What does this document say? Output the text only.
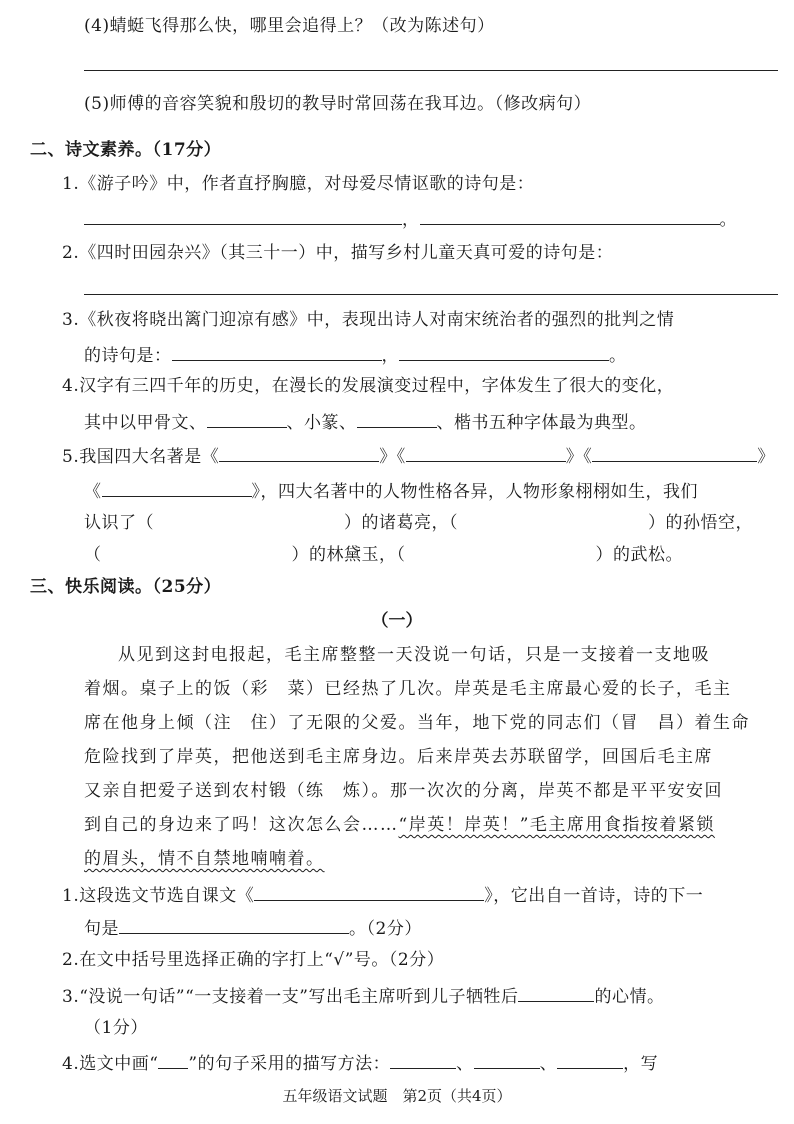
(4)蜻蜓飞得那么快，哪里会追得上？（改为陈述句）
(5)师傅的音容笑貌和殷切的教导时常回荡在我耳边。（修改病句）
二、诗文素养。（17分）
1.《游子吟》中，作者直抒胸臆，对母爱尽情讴歌的诗句是：
，	。
2.《四时田园杂兴》（其三十一）中，描写乡村儿童天真可爱的诗句是：
3.《秋夜将晓出篱门迎凉有感》中，表现出诗人对南宋统治者的强烈的批判之情
的诗句是：	，	。
4.汉字有三四千年的历史，在漫长的发展演变过程中，字体发生了很大的变化，
其中以甲骨文、	、小篆、	、楷书五种字体最为典型。
5.我国四大名著是《	》《	》《	》
《	》，四大名著中的人物性格各异，人物形象栩栩如生，我们
认识了（	）的诸葛亮，（	）的孙悟空，
（	）的林黛玉，（	）的武松。
三、快乐阅读。（25分）
（一）
从见到这封电报起，毛主席整整一天没说一句话，只是一支接着一支地吸
着烟。桌子上的饭（彩　菜）已经热了几次。岸英是毛主席最心爱的长子，毛主
席在他身上倾（注　住）了无限的父爱。当年，地下党的同志们（冒　昌）着生命
危险找到了岸英，把他送到毛主席身边。后来岸英去苏联留学，回国后毛主席
又亲自把爱子送到农村锻（练　炼）。那一次次的分离，岸英不都是平平安安回
到自己的身边来了吗！这次怎么会……“岸英！岸英！”毛主席用食指按着紧锁
的眉头，情不自禁地喃喃着。
1.这段选文节选自课文《	》，它出自一首诗，诗的下一
句是	。（2分）
2.在文中括号里选择正确的字打上“√”号。（2分）
3.“没说一句话”“一支接着一支”写出毛主席听到儿子牺牲后	的心情。
（1分）
4.选文中画“ ”的句子采用的描写方法：	、	、	，写
五年级语文试题　第2页（共4页）
